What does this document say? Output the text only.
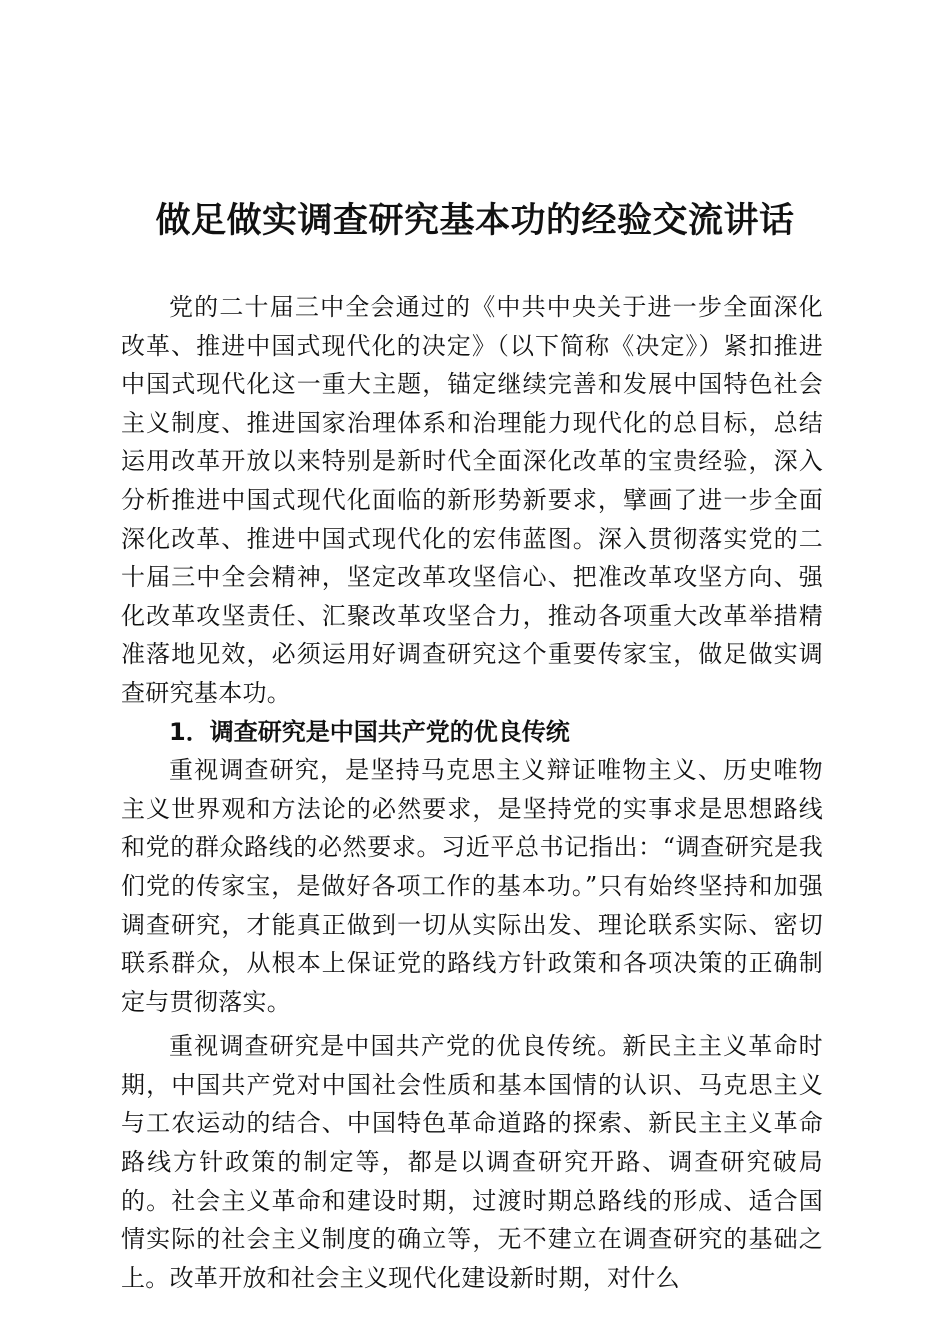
做足做实调查研究基本功的经验交流讲话

党的二十届三中全会通过的《中共中央关于进一步全面深化改革、推进中国式现代化的决定》（以下简称《决定》）紧扣推进中国式现代化这一重大主题，锚定继续完善和发展中国特色社会主义制度、推进国家治理体系和治理能力现代化的总目标，总结运用改革开放以来特别是新时代全面深化改革的宝贵经验，深入分析推进中国式现代化面临的新形势新要求，擘画了进一步全面深化改革、推进中国式现代化的宏伟蓝图。深入贯彻落实党的二十届三中全会精神，坚定改革攻坚信心、把准改革攻坚方向、强化改革攻坚责任、汇聚改革攻坚合力，推动各项重大改革举措精准落地见效，必须运用好调查研究这个重要传家宝，做足做实调查研究基本功。

1．调查研究是中国共产党的优良传统

重视调查研究，是坚持马克思主义辩证唯物主义、历史唯物主义世界观和方法论的必然要求，是坚持党的实事求是思想路线和党的群众路线的必然要求。习近平总书记指出：“调查研究是我们党的传家宝，是做好各项工作的基本功。”只有始终坚持和加强调查研究，才能真正做到一切从实际出发、理论联系实际、密切联系群众，从根本上保证党的路线方针政策和各项决策的正确制定与贯彻落实。

重视调查研究是中国共产党的优良传统。新民主主义革命时期，中国共产党对中国社会性质和基本国情的认识、马克思主义与工农运动的结合、中国特色革命道路的探索、新民主主义革命路线方针政策的制定等，都是以调查研究开路、调查研究破局的。社会主义革命和建设时期，过渡时期总路线的形成、适合国情实际的社会主义制度的确立等，无不建立在调查研究的基础之上。改革开放和社会主义现代化建设新时期，对什么
